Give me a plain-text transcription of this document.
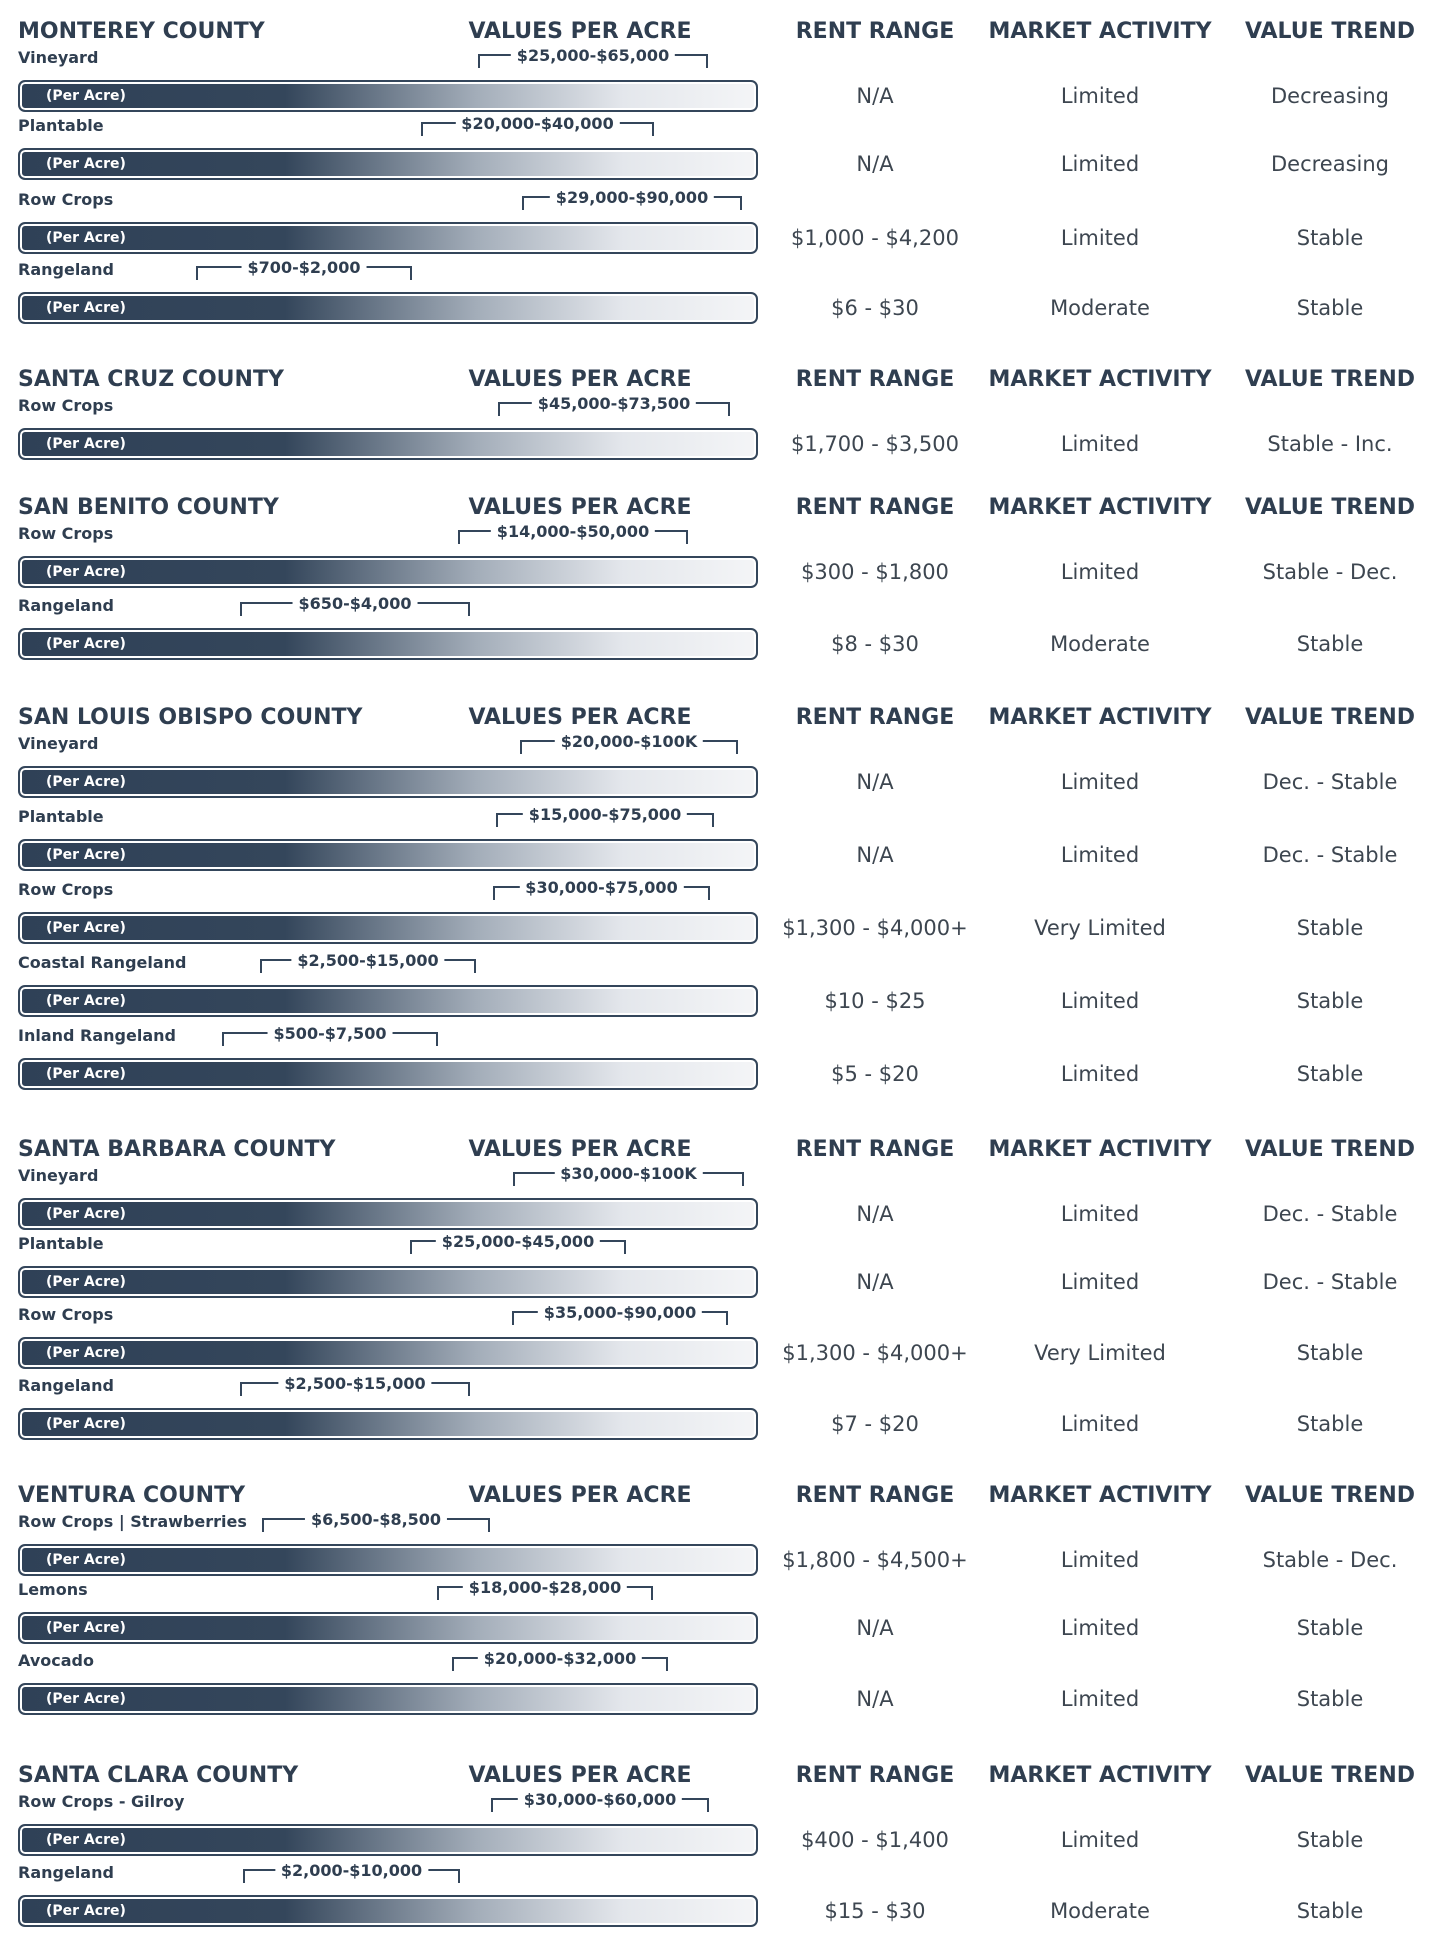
MONTEREY COUNTY	VALUES PER ACRE	RENT RANGE	MARKET ACTIVITY	VALUE TREND
Vineyard	$25,000-$65,000
(Per Acre)	N/A	Limited	Decreasing
Plantable	$20,000-$40,000
(Per Acre)	N/A	Limited	Decreasing
Row Crops	$29,000-$90,000
(Per Acre)	$1,000 - $4,200	Limited	Stable
Rangeland	$700-$2,000
(Per Acre)	$6 - $30	Moderate	Stable
SANTA CRUZ COUNTY	VALUES PER ACRE	RENT RANGE	MARKET ACTIVITY	VALUE TREND
Row Crops	$45,000-$73,500
(Per Acre)	$1,700 - $3,500	Limited	Stable - Inc.
SAN BENITO COUNTY	VALUES PER ACRE	RENT RANGE	MARKET ACTIVITY	VALUE TREND
Row Crops	$14,000-$50,000
(Per Acre)	$300 - $1,800	Limited	Stable - Dec.
Rangeland	$650-$4,000
(Per Acre)	$8 - $30	Moderate	Stable
SAN LOUIS OBISPO COUNTY	VALUES PER ACRE	RENT RANGE	MARKET ACTIVITY	VALUE TREND
Vineyard	$20,000-$100K
(Per Acre)	N/A	Limited	Dec. - Stable
Plantable	$15,000-$75,000
(Per Acre)	N/A	Limited	Dec. - Stable
Row Crops	$30,000-$75,000
(Per Acre)	$1,300 - $4,000+	Very Limited	Stable
Coastal Rangeland	$2,500-$15,000
(Per Acre)	$10 - $25	Limited	Stable
Inland Rangeland	$500-$7,500
(Per Acre)	$5 - $20	Limited	Stable
SANTA BARBARA COUNTY	VALUES PER ACRE	RENT RANGE	MARKET ACTIVITY	VALUE TREND
Vineyard	$30,000-$100K
(Per Acre)	N/A	Limited	Dec. - Stable
Plantable	$25,000-$45,000
(Per Acre)	N/A	Limited	Dec. - Stable
Row Crops	$35,000-$90,000
(Per Acre)	$1,300 - $4,000+	Very Limited	Stable
Rangeland	$2,500-$15,000
(Per Acre)	$7 - $20	Limited	Stable
VENTURA COUNTY	VALUES PER ACRE	RENT RANGE	MARKET ACTIVITY	VALUE TREND
Row Crops | Strawberries	$6,500-$8,500
(Per Acre)	$1,800 - $4,500+	Limited	Stable - Dec.
Lemons	$18,000-$28,000
(Per Acre)	N/A	Limited	Stable
Avocado	$20,000-$32,000
(Per Acre)	N/A	Limited	Stable
SANTA CLARA COUNTY	VALUES PER ACRE	RENT RANGE	MARKET ACTIVITY	VALUE TREND
Row Crops - Gilroy	$30,000-$60,000
(Per Acre)	$400 - $1,400	Limited	Stable
Rangeland	$2,000-$10,000
(Per Acre)	$15 - $30	Moderate	Stable
